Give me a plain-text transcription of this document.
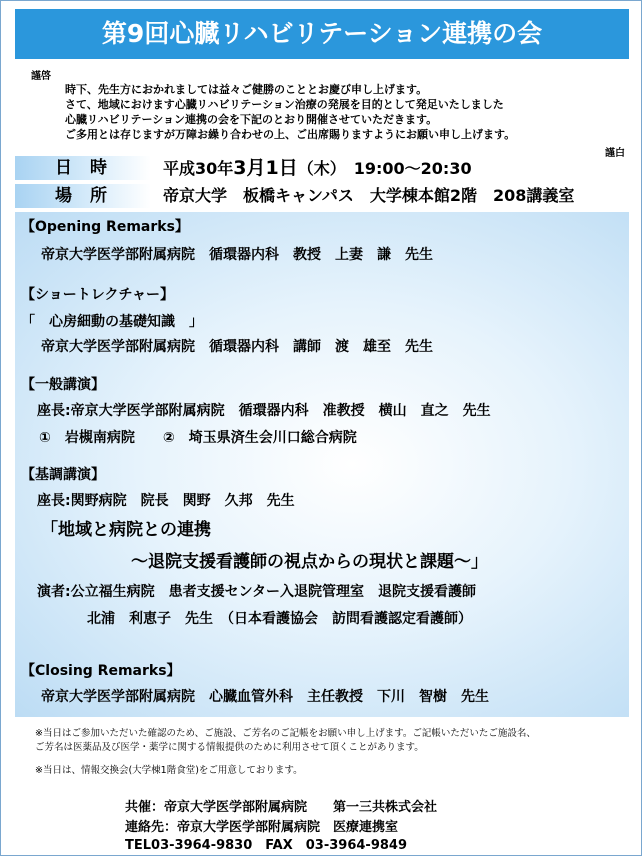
第9回心臓リハビリテーション連携の会
謹啓
時下、先生方におかれましては益々ご健勝のこととお慶び申し上げます。
さて、地域におけます心臓リハビリテーション治療の発展を目的として発足いたしました
心臓リハビリテーション連携の会を下記のとおり開催させていただきます。
ご多用とは存じますが万障お繰り合わせの上、ご出席賜りますようにお願い申し上げます。
謹白
日時	平成30年3月1日（木）　19:00～20:30
場所	帝京大学　板橋キャンパス　大学棟本館2階　208講義室
【Opening Remarks】
帝京大学医学部附属病院　循環器内科　教授　上妻　謙　先生
【ショートレクチャー】
「　心房細動の基礎知識　」
帝京大学医学部附属病院　循環器内科　講師　渡　雄至　先生
【一般講演】
座長:帝京大学医学部附属病院　循環器内科　准教授　横山　直之　先生
①　岩槻南病院　　②　埼玉県済生会川口総合病院
【基調講演】
座長:関野病院　院長　関野　久邦　先生
「地域と病院との連携
～退院支援看護師の視点からの現状と課題～」
演者:公立福生病院　患者支援センター入退院管理室　退院支援看護師
北浦　利恵子　先生　（日本看護協会　訪問看護認定看護師）
【Closing Remarks】
帝京大学医学部附属病院　心臓血管外科　主任教授　下川　智樹　先生
※当日はご参加いただいた確認のため、ご施設、ご芳名のご記帳をお願い申し上げます。ご記帳いただいたご施設名、
ご芳名は医薬品及び医学・薬学に関する情報提供のために利用させて頂くことがあります。
※当日は、情報交換会(大学棟1階食堂)をご用意しております。
共催：帝京大学医学部附属病院　　第一三共株式会社
連絡先：帝京大学医学部附属病院　医療連携室
TEL03-3964-9830　FAX　03-3964-9849
